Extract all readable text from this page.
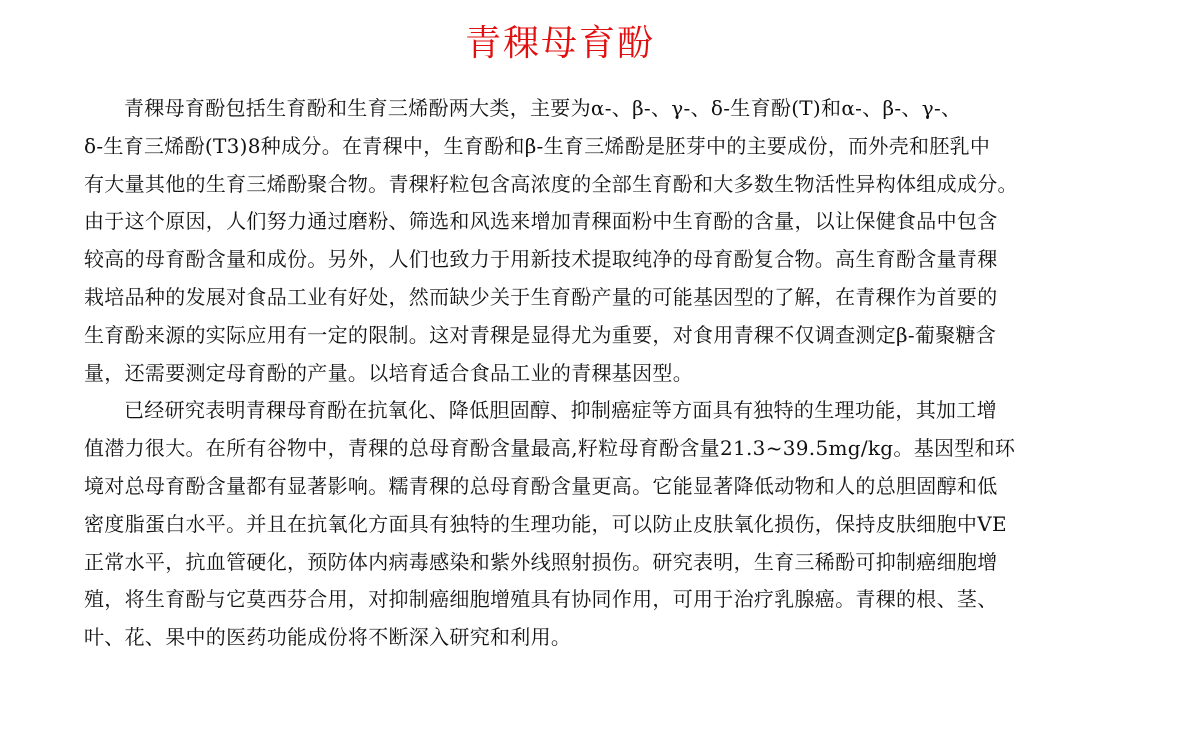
青稞母育酚

青稞母育酚包括生育酚和生育三烯酚两大类，主要为α-、β-、γ-、δ-生育酚(T)和α-、β-、γ-、
δ-生育三烯酚(T3)8种成分。在青稞中，生育酚和β-生育三烯酚是胚芽中的主要成份，而外壳和胚乳中
有大量其他的生育三烯酚聚合物。青稞籽粒包含高浓度的全部生育酚和大多数生物活性异构体组成成分。
由于这个原因，人们努力通过磨粉、筛选和风选来增加青稞面粉中生育酚的含量，以让保健食品中包含
较高的母育酚含量和成份。另外，人们也致力于用新技术提取纯净的母育酚复合物。高生育酚含量青稞
栽培品种的发展对食品工业有好处，然而缺少关于生育酚产量的可能基因型的了解，在青稞作为首要的
生育酚来源的实际应用有一定的限制。这对青稞是显得尤为重要，对食用青稞不仅调查测定β-葡聚糖含
量，还需要测定母育酚的产量。以培育适合食品工业的青稞基因型。

已经研究表明青稞母育酚在抗氧化、降低胆固醇、抑制癌症等方面具有独特的生理功能，其加工增
值潜力很大。在所有谷物中，青稞的总母育酚含量最高,籽粒母育酚含量21.3~39.5mg/kg。基因型和环
境对总母育酚含量都有显著影响。糯青稞的总母育酚含量更高。它能显著降低动物和人的总胆固醇和低
密度脂蛋白水平。并且在抗氧化方面具有独特的生理功能，可以防止皮肤氧化损伤，保持皮肤细胞中VE
正常水平，抗血管硬化，预防体内病毒感染和紫外线照射损伤。研究表明，生育三稀酚可抑制癌细胞增
殖，将生育酚与它莫西芬合用，对抑制癌细胞增殖具有协同作用，可用于治疗乳腺癌。青稞的根、茎、
叶、花、果中的医药功能成份将不断深入研究和利用。
